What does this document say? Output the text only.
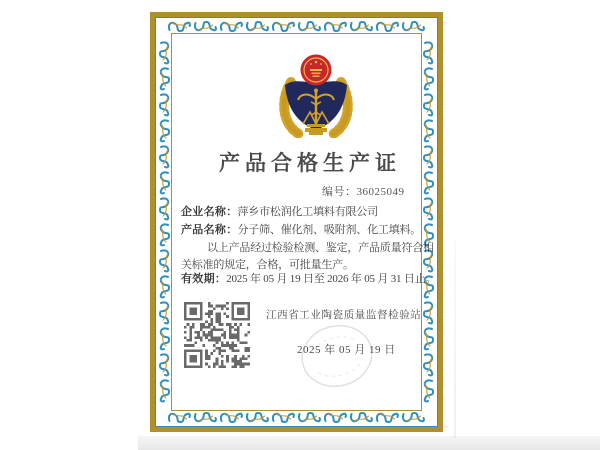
产品合格生产证
编号：36025049
企业名称：萍乡市松润化工填料有限公司
产品名称：分子筛、催化剂、吸附剂、化工填料。
以上产品经过检验检测、鉴定，产品质量符合相
关标准的规定，合格，可批量生产。
有效期：2025 年 05 月 19 日至 2026 年 05 月 31 日止。
江西省工业陶瓷质量监督检验站
2025 年 05 月 19 日
